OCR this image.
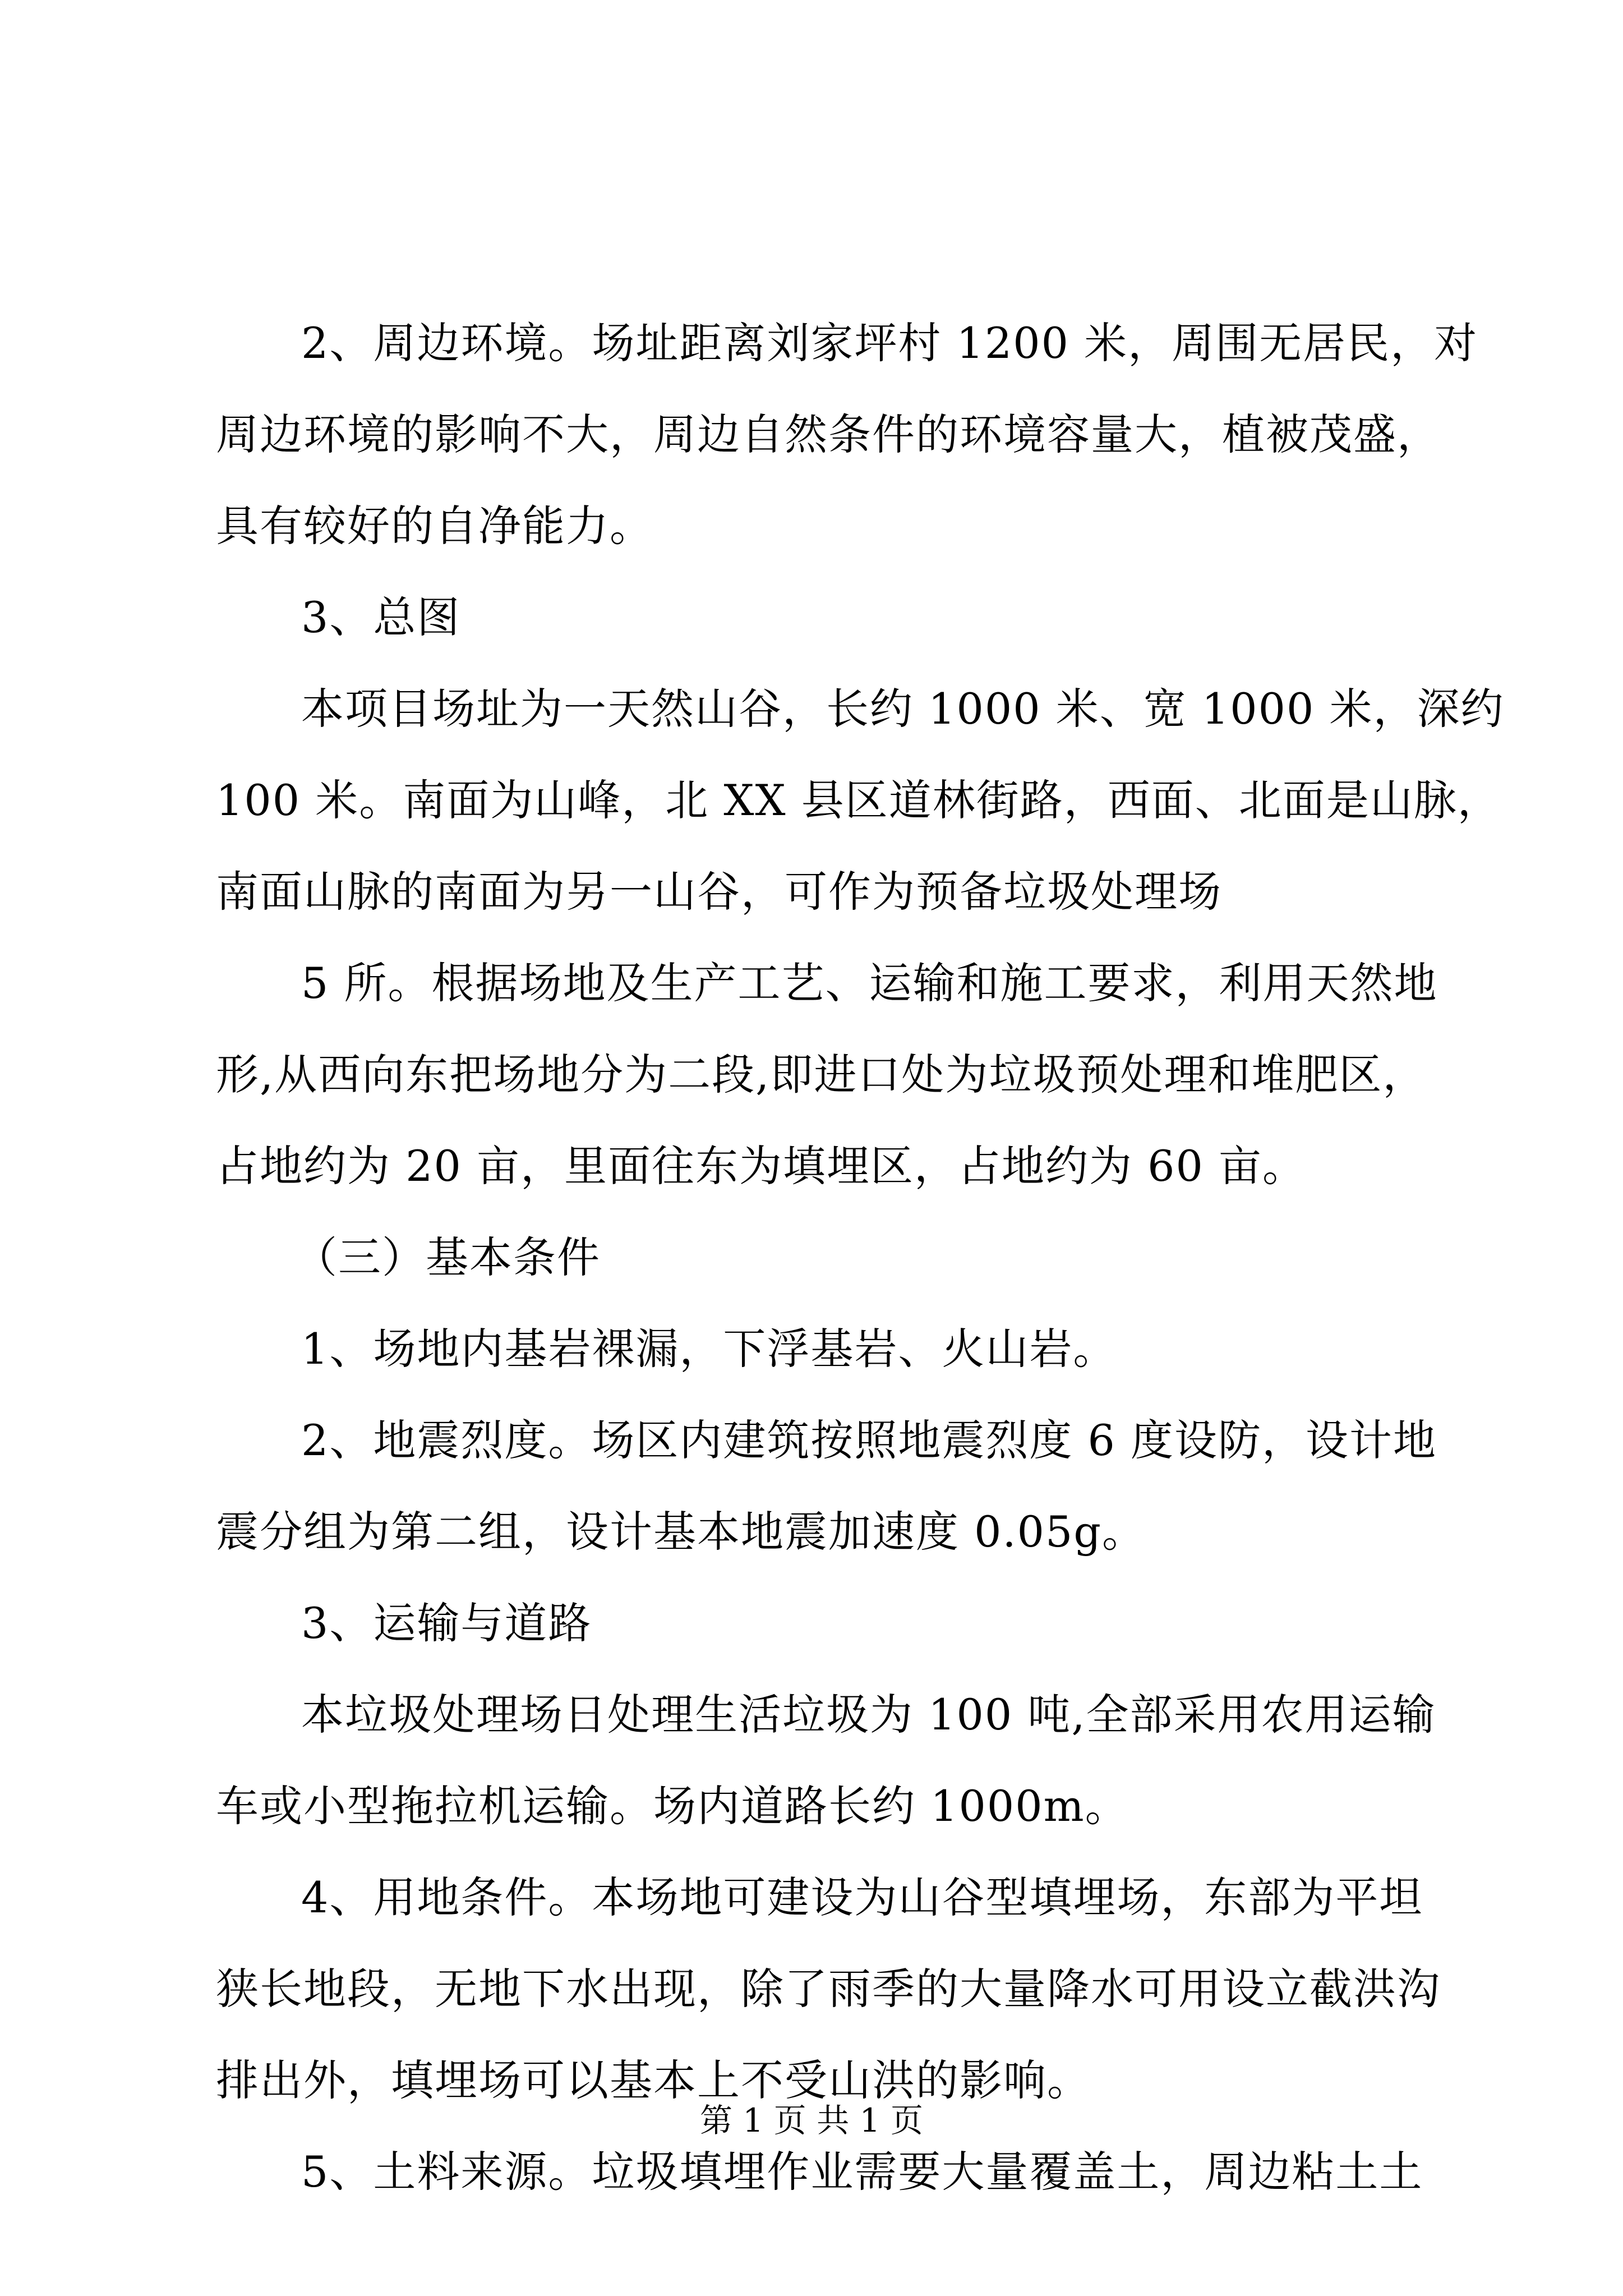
2、周边环境。场址距离刘家坪村 1200 米，周围无居民，对
周边环境的影响不大，周边自然条件的环境容量大，植被茂盛，
具有较好的自净能力。

3、总图

本项目场址为一天然山谷，长约 1000 米、宽 1000 米，深约
100 米。南面为山峰，北 XX 县区道林街路，西面、北面是山脉，
南面山脉的南面为另一山谷，可作为预备垃圾处理场

5 所。根据场地及生产工艺、运输和施工要求，利用天然地
形,从西向东把场地分为二段,即进口处为垃圾预处理和堆肥区，
占地约为 20 亩，里面往东为填埋区，占地约为 60 亩。

（三）基本条件

1、场地内基岩裸漏，下浮基岩、火山岩。

2、地震烈度。场区内建筑按照地震烈度 6 度设防，设计地
震分组为第二组，设计基本地震加速度 0.05g。

3、运输与道路

本垃圾处理场日处理生活垃圾为 100 吨,全部采用农用运输
车或小型拖拉机运输。场内道路长约 1000m。

4、用地条件。本场地可建设为山谷型填埋场，东部为平坦
狭长地段，无地下水出现，除了雨季的大量降水可用设立截洪沟
排出外，填埋场可以基本上不受山洪的影响。

5、土料来源。垃圾填埋作业需要大量覆盖土，周边粘土土

第 1 页 共 1 页
